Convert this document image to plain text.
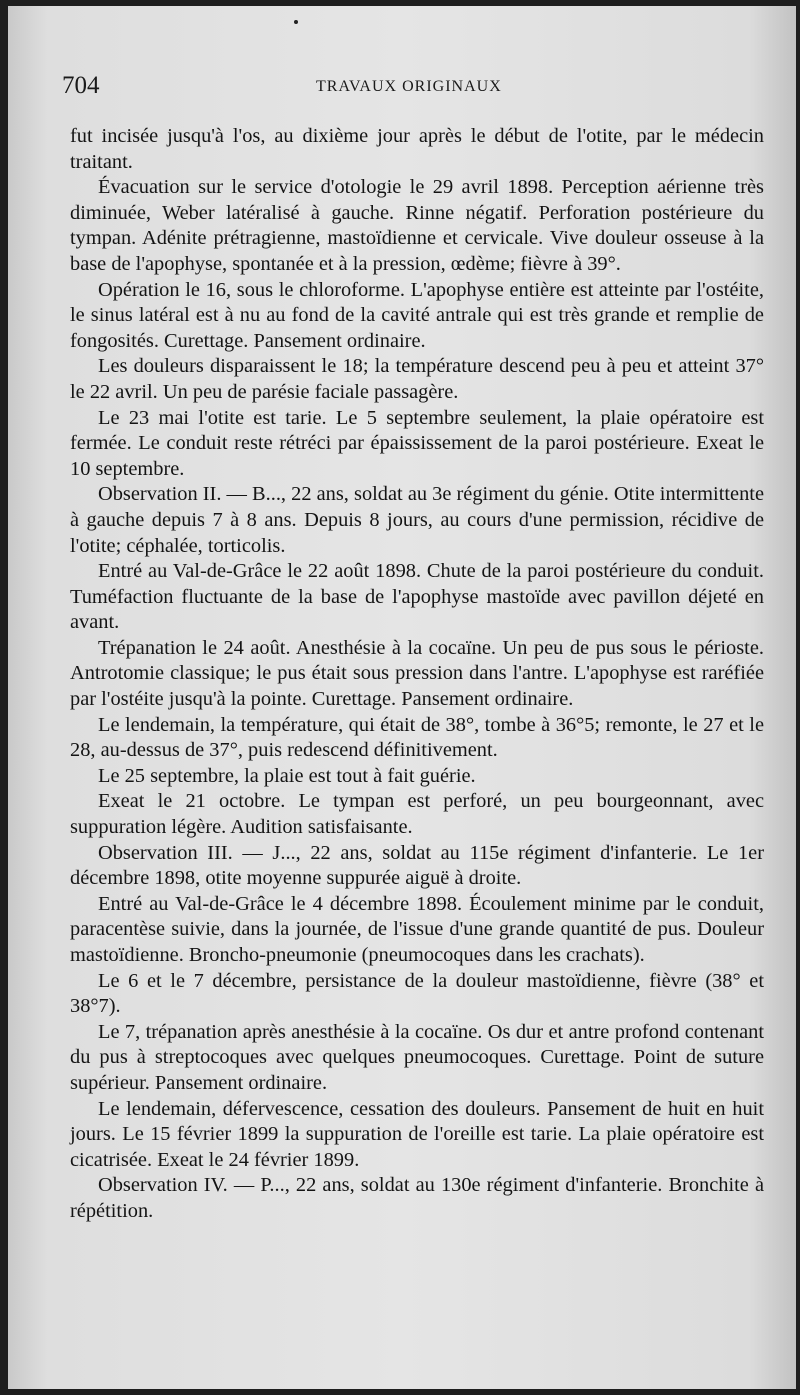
704	TRAVAUX ORIGINAUX

fut incisée jusqu'à l'os, au dixième jour après le début de l'otite, par le médecin traitant.

Évacuation sur le service d'otologie le 29 avril 1898. Perception aérienne très diminuée, Weber latéralisé à gauche. Rinne négatif. Perforation postérieure du tympan. Adénite prétragienne, mastoïdienne et cervicale. Vive douleur osseuse à la base de l'apophyse, spontanée et à la pression, œdème; fièvre à 39°.

Opération le 16, sous le chloroforme. L'apophyse entière est atteinte par l'ostéite, le sinus latéral est à nu au fond de la cavité antrale qui est très grande et remplie de fongosités. Curettage. Pansement ordinaire.

Les douleurs disparaissent le 18; la température descend peu à peu et atteint 37° le 22 avril. Un peu de parésie faciale passagère.

Le 23 mai l'otite est tarie. Le 5 septembre seulement, la plaie opératoire est fermée. Le conduit reste rétréci par épaississement de la paroi postérieure. Exeat le 10 septembre.

Observation II. — B..., 22 ans, soldat au 3e régiment du génie. Otite intermittente à gauche depuis 7 à 8 ans. Depuis 8 jours, au cours d'une permission, récidive de l'otite; céphalée, torticolis.

Entré au Val-de-Grâce le 22 août 1898. Chute de la paroi postérieure du conduit. Tuméfaction fluctuante de la base de l'apophyse mastoïde avec pavillon déjeté en avant.

Trépanation le 24 août. Anesthésie à la cocaïne. Un peu de pus sous le périoste. Antrotomie classique; le pus était sous pression dans l'antre. L'apophyse est raréfiée par l'ostéite jusqu'à la pointe. Curettage. Pansement ordinaire.

Le lendemain, la température, qui était de 38°, tombe à 36°5; remonte, le 27 et le 28, au-dessus de 37°, puis redescend définitivement.

Le 25 septembre, la plaie est tout à fait guérie.

Exeat le 21 octobre. Le tympan est perforé, un peu bourgeonnant, avec suppuration légère. Audition satisfaisante.

Observation III. — J..., 22 ans, soldat au 115e régiment d'infanterie. Le 1er décembre 1898, otite moyenne suppurée aiguë à droite.

Entré au Val-de-Grâce le 4 décembre 1898. Écoulement minime par le conduit, paracentèse suivie, dans la journée, de l'issue d'une grande quantité de pus. Douleur mastoïdienne. Broncho-pneumonie (pneumocoques dans les crachats).

Le 6 et le 7 décembre, persistance de la douleur mastoïdienne, fièvre (38° et 38°7).

Le 7, trépanation après anesthésie à la cocaïne. Os dur et antre profond contenant du pus à streptocoques avec quelques pneumocoques. Curettage. Point de suture supérieur. Pansement ordinaire.

Le lendemain, défervescence, cessation des douleurs. Pansement de huit en huit jours. Le 15 février 1899 la suppuration de l'oreille est tarie. La plaie opératoire est cicatrisée. Exeat le 24 février 1899.

Observation IV. — P..., 22 ans, soldat au 130e régiment d'infanterie. Bronchite à répétition.
